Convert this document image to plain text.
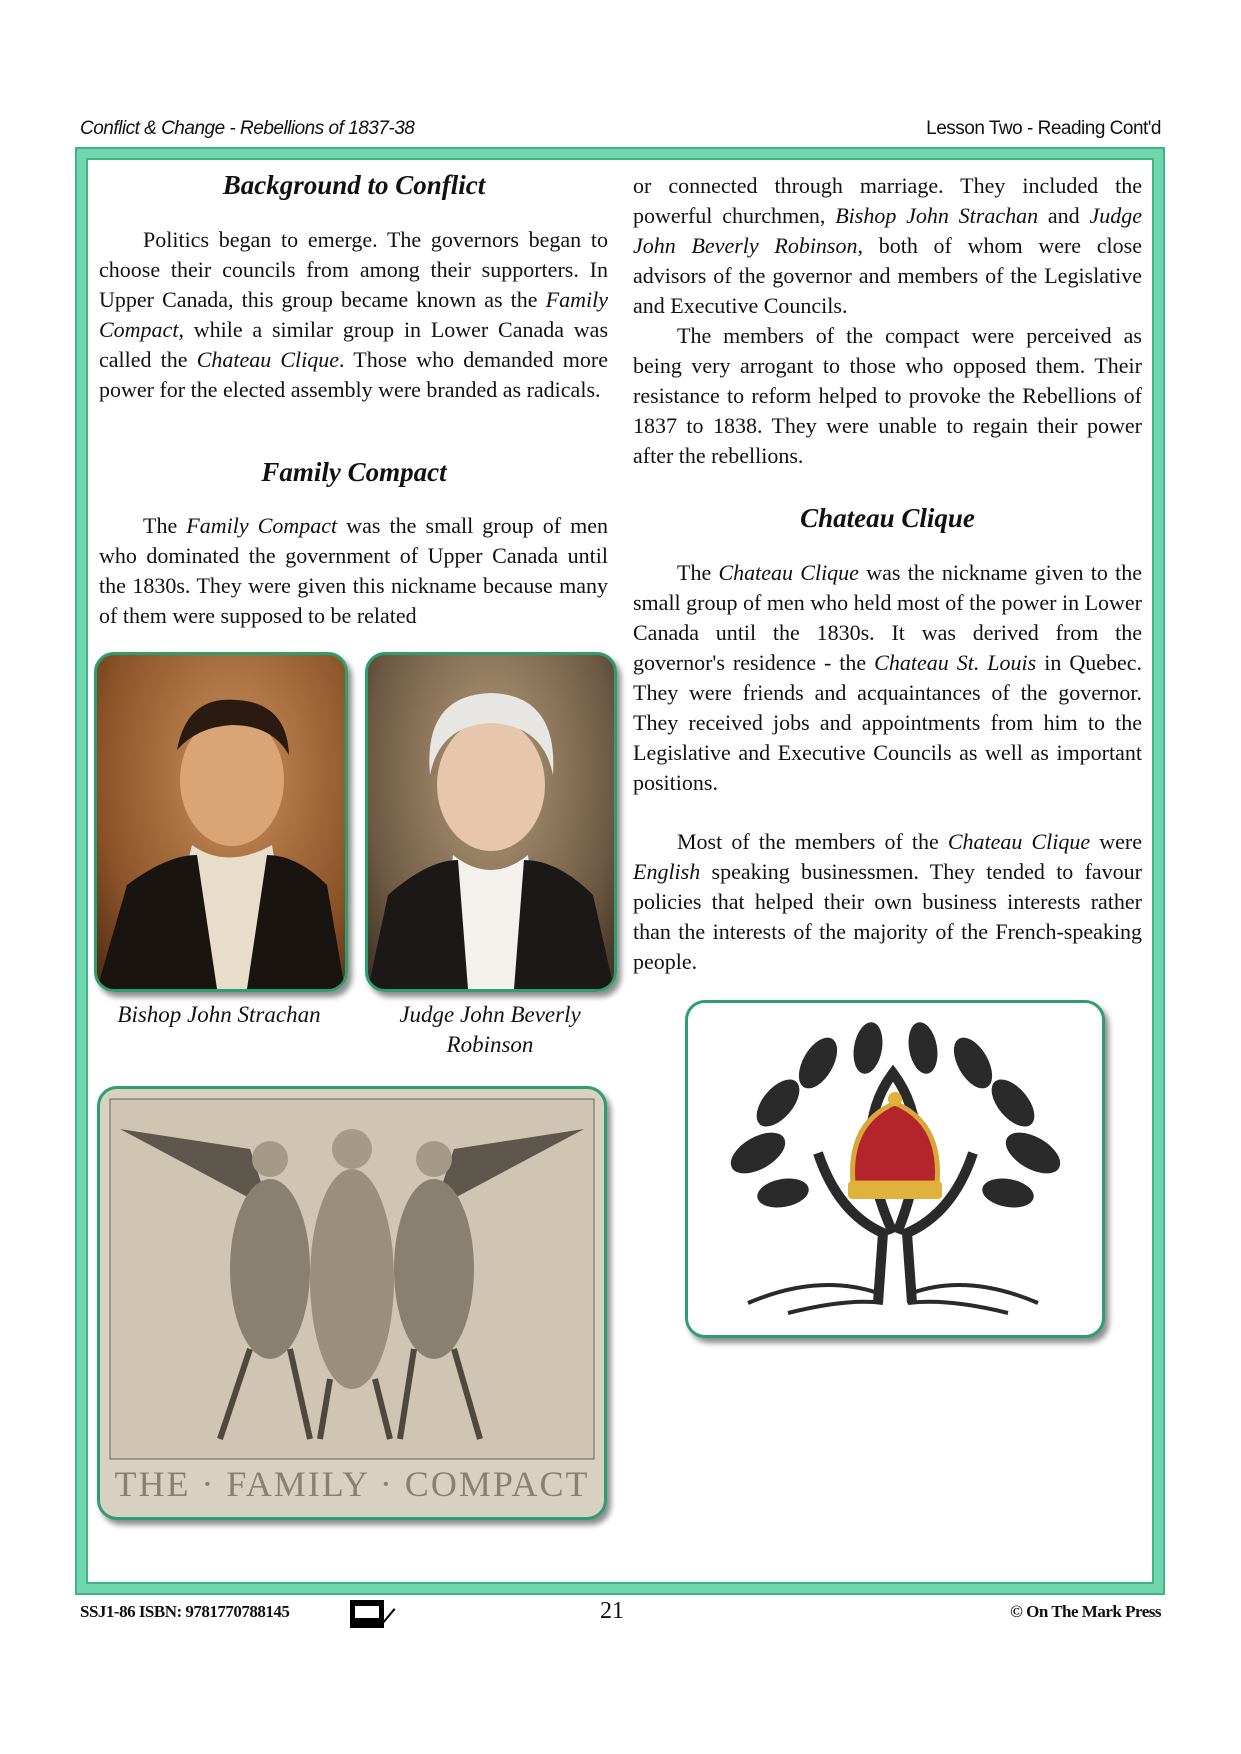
Conflict & Change - Rebellions of 1837-38	Lesson Two - Reading Cont'd
Background to Conflict

Politics began to emerge. The governors began to choose their councils from among their supporters. In Upper Canada, this group became known as the Family Compact, while a similar group in Lower Canada was called the Chateau Clique. Those who demanded more power for the elected assembly were branded as radicals.

Family Compact

The Family Compact was the small group of men who dominated the government of Upper Canada until the 1830s. They were given this nickname because many of them were supposed to be related

or connected through marriage. They included the powerful churchmen, Bishop John Strachan and Judge John Beverly Robinson, both of whom were close advisors of the governor and members of the Legislative and Executive Councils.

The members of the compact were perceived as being very arrogant to those who opposed them. Their resistance to reform helped to provoke the Rebellions of 1837 to 1838. They were unable to regain their power after the rebellions.

Chateau Clique

The Chateau Clique was the nickname given to the small group of men who held most of the power in Lower Canada until the 1830s. It was derived from the governor's residence - the Chateau St. Louis in Quebec. They were friends and acquaintances of the governor. They received jobs and appointments from him to the Legislative and Executive Councils as well as important positions.

Most of the members of the Chateau Clique were English speaking businessmen. They tended to favour policies that helped their own business interests rather than the interests of the majority of the French-speaking people.

Bishop John Strachan	Judge John Beverly
Robinson
THE · FAMILY · COMPACT
SSJ1-86 ISBN: 9781770788145	21	© On The Mark Press
